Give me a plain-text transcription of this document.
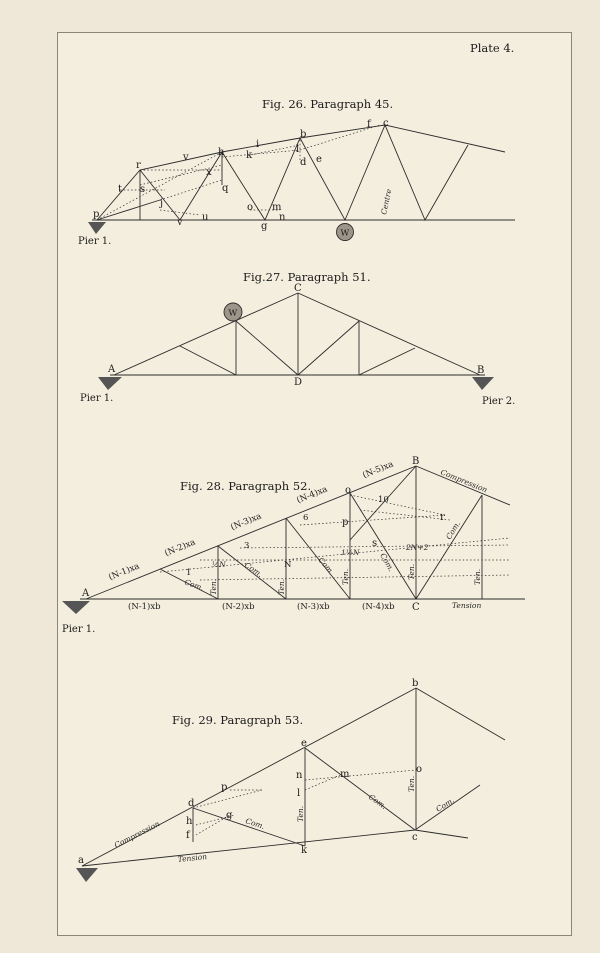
Plate 4.
Fig. 26. Paragraph 45.
W
Centre
Pier 1.
p
r
t s
v	h
i
k
b
f c
l
d e
x
q
j
v u
o m
g
n
Fig.27. Paragraph 51.
W
A	B
C
D
Pier 1.	Pier 2.
Fig. 28. Paragraph 52.
A
B
C
o
p	r
s
10
6
3
1
N
1½N
2N+2
½N
(N-1)xa
(N-2)xa
(N-3)xa
(N-4)xa
(N-5)xa
(N-1)xb	(N-2)xb	(N-3)xb	(N-4)xb
Compression
Tension
Com.
Com.	Com.	Com.
Com.
Ten.	Ten.
Ten.	Ten.	Ten.
Pier 1.
Fig. 29. Paragraph 53.
a
b
c
d
e
f
g
h
k
l
m
n
o
p
Compression
Tension
Com.
Com.	Com.
Ten.
Ten.
